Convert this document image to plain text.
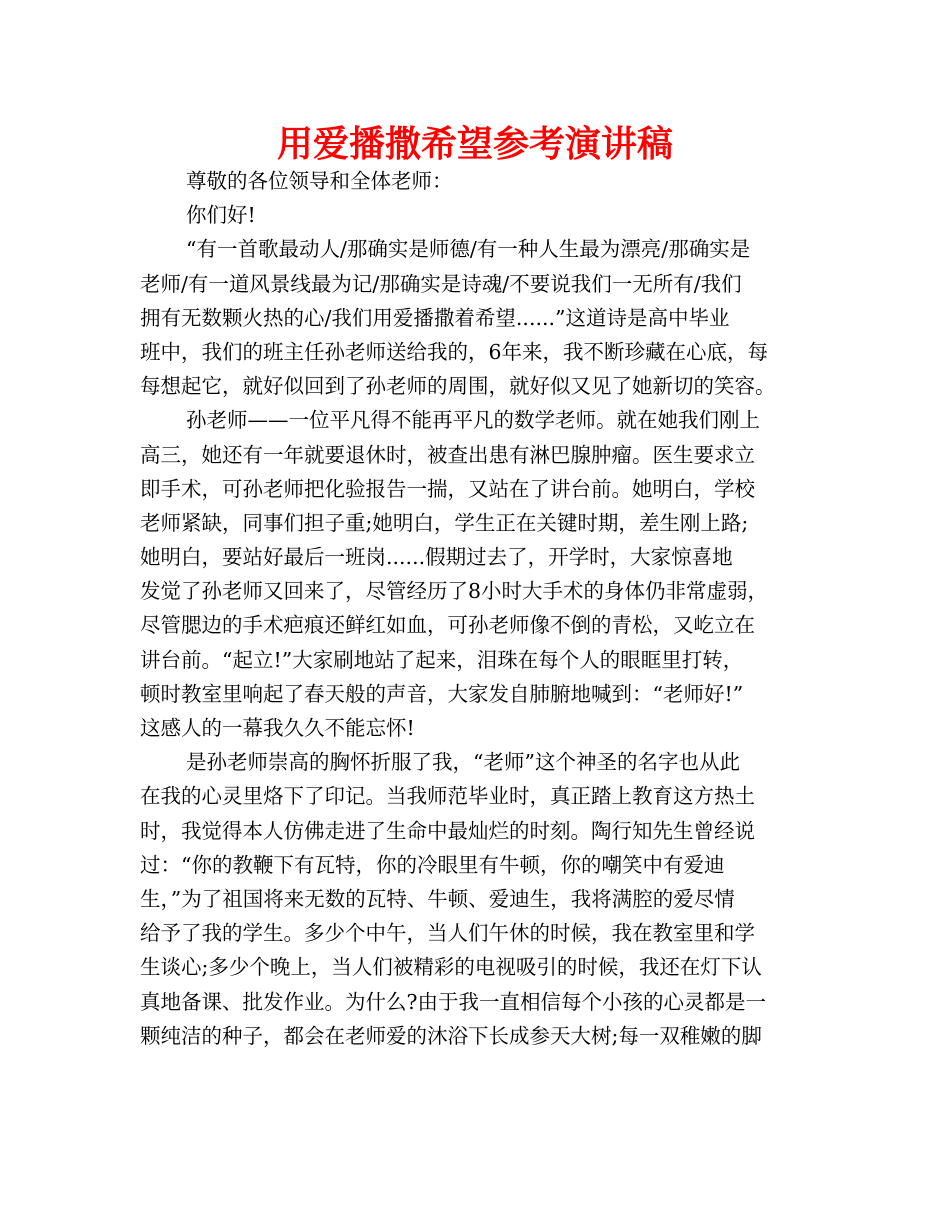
用爱播撒希望参考演讲稿
尊敬的各位领导和全体老师：
你们好!
“有一首歌最动人/那确实是师德/有一种人生最为漂亮/那确实是
老师/有一道风景线最为记/那确实是诗魂/不要说我们一无所有/我们
拥有无数颗火热的心/我们用爱播撒着希望......”这道诗是高中毕业
班中，我们的班主任孙老师送给我的，6年来，我不断珍藏在心底，每
每想起它，就好似回到了孙老师的周围，就好似又见了她新切的笑容。
孙老师——一位平凡得不能再平凡的数学老师。就在她我们刚上
高三，她还有一年就要退休时，被查出患有淋巴腺肿瘤。医生要求立
即手术，可孙老师把化验报告一揣，又站在了讲台前。她明白，学校
老师紧缺，同事们担子重;她明白，学生正在关键时期，差生刚上路;
她明白，要站好最后一班岗......假期过去了，开学时，大家惊喜地
发觉了孙老师又回来了，尽管经历了8小时大手术的身体仍非常虚弱，
尽管腮边的手术疤痕还鲜红如血，可孙老师像不倒的青松，又屹立在
讲台前。“起立!”大家刷地站了起来，泪珠在每个人的眼眶里打转，
顿时教室里响起了春天般的声音，大家发自肺腑地喊到：“老师好!”
这感人的一幕我久久不能忘怀!
是孙老师崇高的胸怀折服了我，“老师”这个神圣的名字也从此
在我的心灵里烙下了印记。当我师范毕业时，真正踏上教育这方热土
时，我觉得本人仿佛走进了生命中最灿烂的时刻。陶行知先生曾经说
过：“你的教鞭下有瓦特，你的冷眼里有牛顿，你的嘲笑中有爱迪
生，”为了祖国将来无数的瓦特、牛顿、爱迪生，我将满腔的爱尽情
给予了我的学生。多少个中午，当人们午休的时候，我在教室里和学
生谈心;多少个晚上，当人们被精彩的电视吸引的时候，我还在灯下认
真地备课、批发作业。为什么?由于我一直相信每个小孩的心灵都是一
颗纯洁的种子，都会在老师爱的沐浴下长成参天大树;每一双稚嫩的脚
